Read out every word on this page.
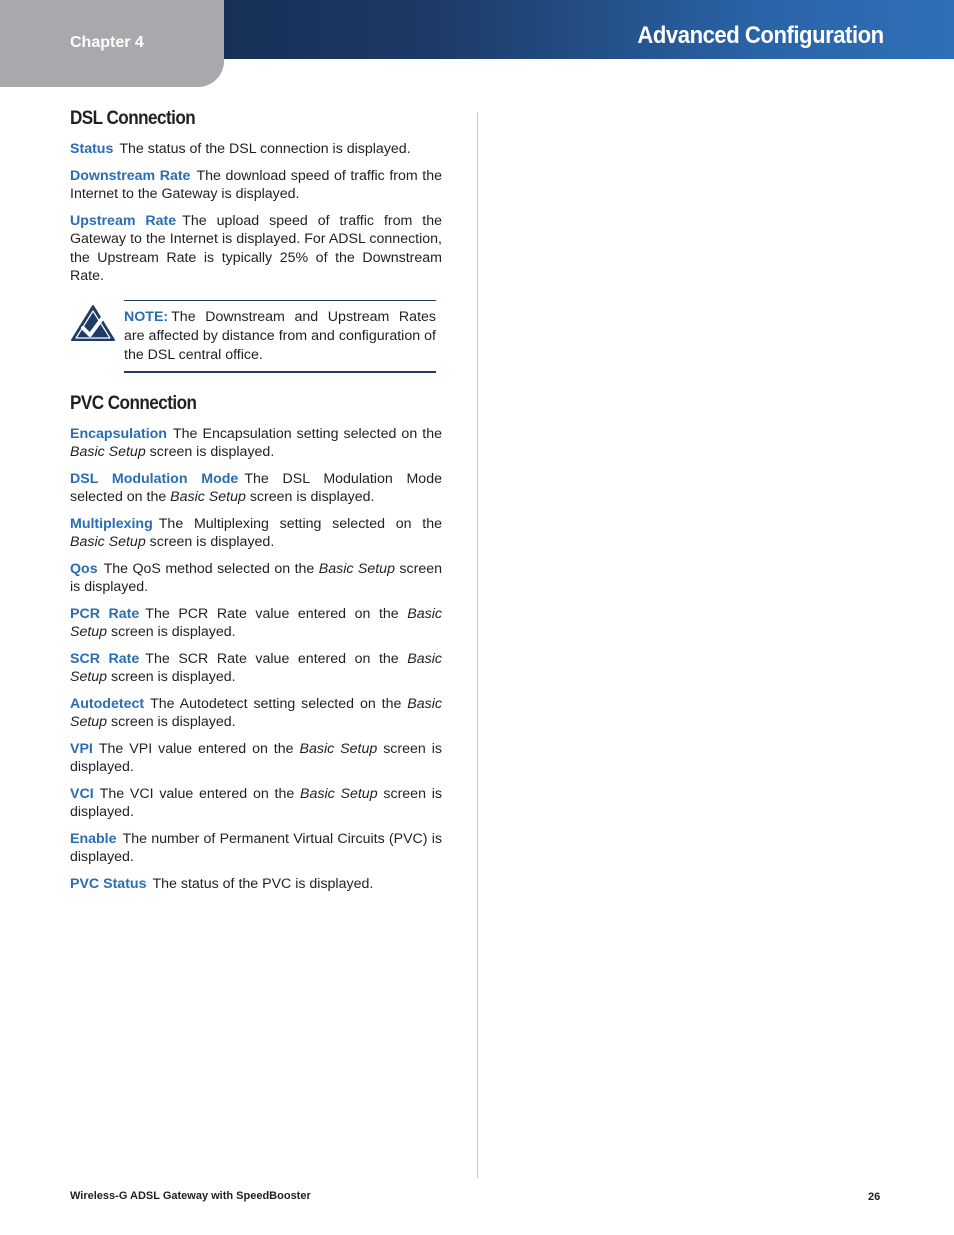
Chapter 4	Advanced Configuration
DSL Connection

Status The status of the DSL connection is displayed.

Downstream Rate The download speed of traffic from the Internet to the Gateway is displayed.

Upstream Rate The upload speed of traffic from the Gateway to the Internet is displayed. For ADSL connection, the Upstream Rate is typically 25% of the Downstream Rate.

NOTE: The Downstream and Upstream Rates are affected by distance from and configuration of the DSL central office.

PVC Connection

Encapsulation The Encapsulation setting selected on the Basic Setup screen is displayed.

DSL Modulation Mode The DSL Modulation Mode selected on the Basic Setup screen is displayed.

Multiplexing The Multiplexing setting selected on the Basic Setup screen is displayed.

Qos The QoS method selected on the Basic Setup screen is displayed.

PCR Rate The PCR Rate value entered on the Basic Setup screen is displayed.

SCR Rate The SCR Rate value entered on the Basic Setup screen is displayed.

Autodetect The Autodetect setting selected on the Basic Setup screen is displayed.

VPI The VPI value entered on the Basic Setup screen is displayed.

VCI The VCI value entered on the Basic Setup screen is displayed.

Enable The number of Permanent Virtual Circuits (PVC) is displayed.

PVC Status The status of the PVC is displayed.

Wireless-G ADSL Gateway with SpeedBooster	26
